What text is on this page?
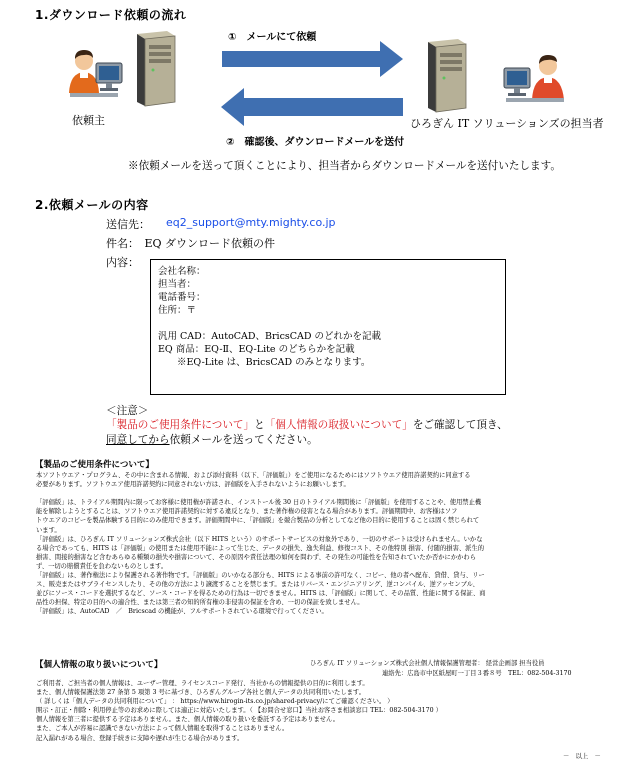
1.ダウンロード依頼の流れ
依頼主
①　メールにて依頼
②　確認後、ダウンロードメールを送付
ひろぎん IT ソリューションズの担当者
※依頼メールを送って頂くことにより、担当者からダウンロードメールを送付いたします。
2.依頼メールの内容
送信先： eq2_support@mty.mighty.co.jp
件名：　EQ ダウンロード依頼の件
内容：
会社名称：
担当者：
電話番号：
住所：〒

汎用 CAD：AutoCAD、BricsCAD のどれかを記載
EQ 商品：EQ-Ⅱ、EQ-Lite のどちらかを記載
　　※EQ-Lite は、BricsCAD のみとなります。
＜注意＞
「製品のご使用条件について」と「個人情報の取扱いについて」をご確認して頂き、
同意してから依頼メールを送ってください。
【製品のご使用条件について】
本ソフトウエア・プログラム、その中に含まれる情報、および添付資料（以下、「評価版」）をご使用になるためにはソフトウエア使用許諾契約に同意する
必要があります。ソフトウエア使用許諾契約に同意されない方は、評価版を入手されないようにお願いします。

「評価版」は、トライアル期間内に限ってお客様に使用権が許諾され、インストール後 30 日のトライアル期間後に「評価版」を使用することや、使用禁止機
能を解除しようとすることは、ソフトウエア使用許諾契約に対する違反となり、また著作権の侵害となる場合があります。評価期間中、お客様はソフ
トウエアのコピーを製品体験する目的にのみ使用できます。評価期間中に、「評価版」を競合製品の分析としてなど他の目的に使用することは固く禁じられて
います。
「評価版」は、ひろぎん IT ソリューションズ株式会社（以下 HITS という）のサポートサービスの対象外であり、一切のサポートは受けられません。いかな
る場合であっても、HITS は「評価版」の使用または使用不能によって生じた、データの損失、逸失利益、修復コスト、その他特別 損害、付随的損害、派生的
損害、間接的損害など含むあらゆる種類の損失や損害について、その原因や責任法理の如何を問わず、その発生の可能性を告知されていたか否かにかかわら
ず、一切の賠償責任を負わないものとします。
「評価版」は、著作権法により保護される著作物です。「評価版」のいかなる部分も、HITS による事前の許可なく、コピー、他の者へ配布、貸借、貸与、リー
ス、販売またはサブライセンスしたり、その他の方法により譲渡することを禁じます。またはリバース・エンジニアリング、逆コンパイル、逆アッセンブル、
並びにソース・コードを選択するなど、ソース・コードを得るための行為は一切できません。HITS は、「評価版」に関して、その品質、性能に関する保証、商
品性の担保、特定の目的への適合性、または第三者の知的所有権の非侵害の保証を含め、一切の保証を致しません。
「評価版」は、AutoCAD　／　Bricscad の機能が、フルサポートされている環境で行ってください。
【個人情報の取り扱いについて】	ひろぎん IT ソリューションズ株式会社個人情報保護管理者： 経営企画部 担当役員
連絡先：広島市中区紙屋町一丁目３番８号　TEL：082-504-3170
ご利用者、ご担当者の個人情報は、ユーザー管理、ライセンスコード発行、当社からの情報提供の目的に利用します。
また、個人情報保護法第 27 条第 5 項第 3 号に基づき、ひろぎんグループ各社と個人データの共同利用いたします。
（ 詳しくは「個人データの共同利用について」 ： https://www.hirogin-its.co.jp/shared-privacy/にてご確認ください。 ）
開示・訂正・削除・利用停止等のお求めに際しては適正に対応いたします。（ 【お問合せ窓口】当社お客さま相談窓口 TEL：082-504-3170 ）
個人情報を第三者に提供する予定はありません。また、個人情報の取り扱いを委託する予定はありません。
また、ご本人が容易に認識できない方法によって個人情報を取得することはありません。
記入漏れがある場合、登録手続きに支障や遅れが生じる場合があります。
－　以上　－
